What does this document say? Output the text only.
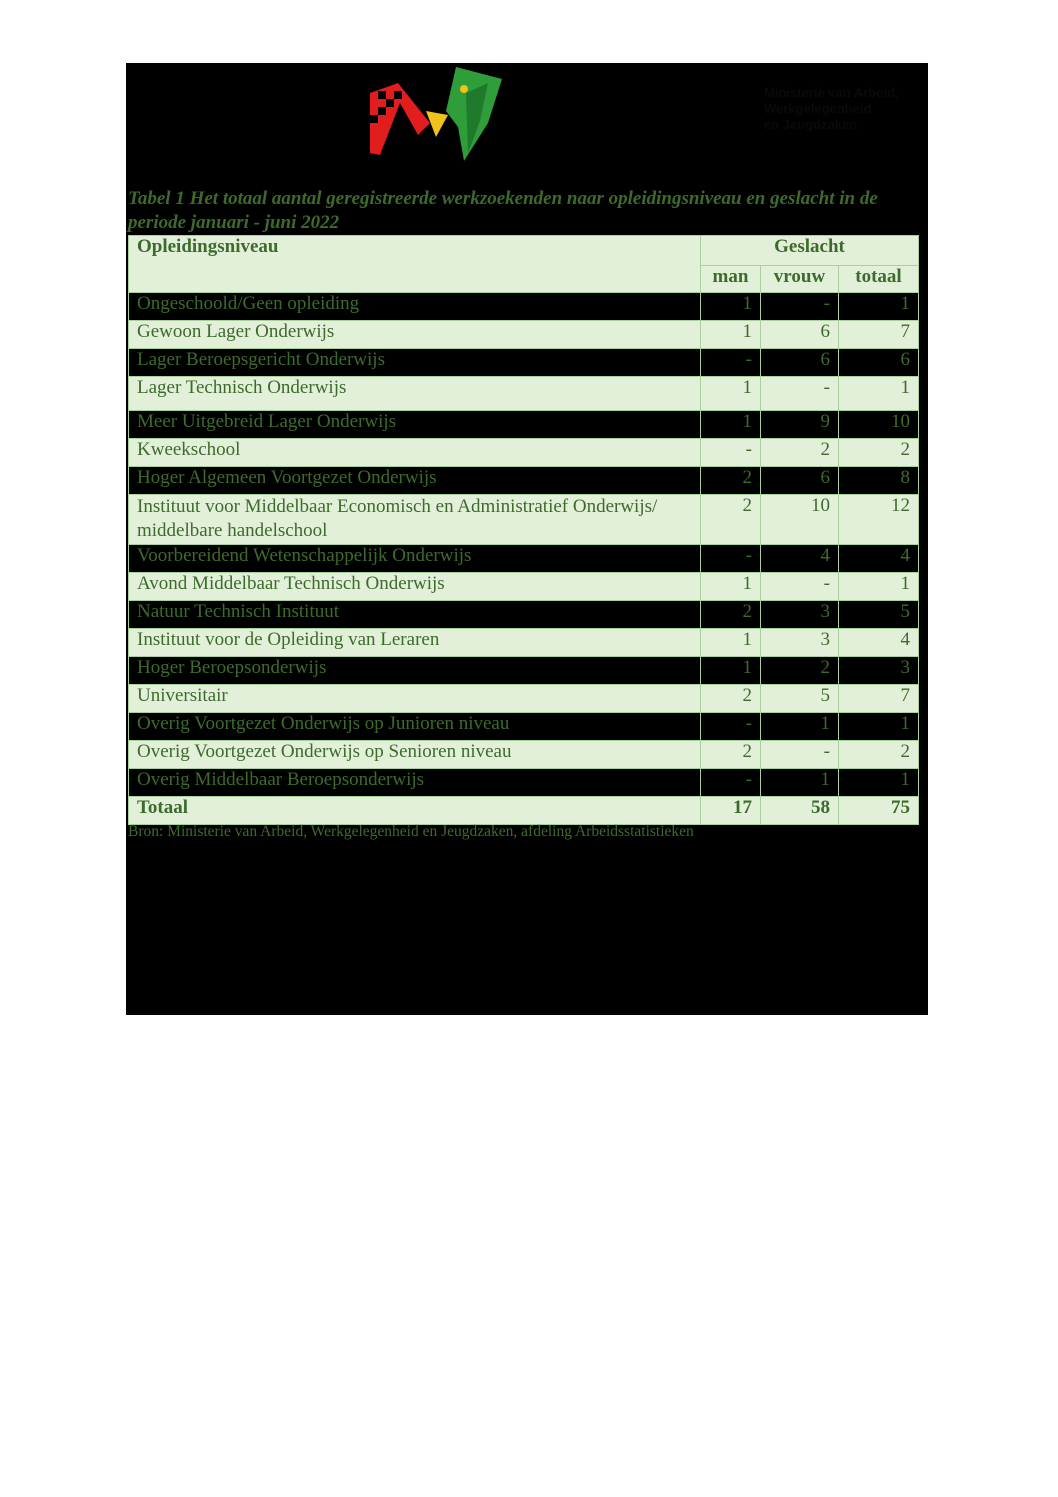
Ministerie van Arbeid,
Werkgelegenheid
en Jeugdzaken

Tabel 1 Het totaal aantal geregistreerde werkzoekenden naar opleidingsniveau en geslacht in de periode januari - juni 2022

Opleidingsniveau	Geslacht		
	man	vrouw	totaal
Ongeschoold/Geen opleiding	1	-	1
Gewoon Lager Onderwijs	1	6	7
Lager Beroepsgericht Onderwijs	-	6	6
Lager Technisch Onderwijs	1	-	1
Meer Uitgebreid Lager Onderwijs	1	9	10
Kweekschool	-	2	2
Hoger Algemeen Voortgezet Onderwijs	2	6	8
Instituut voor Middelbaar Economisch en Administratief Onderwijs/ middelbare handelschool	2	10	12
Voorbereidend Wetenschappelijk Onderwijs	-	4	4
Avond Middelbaar Technisch Onderwijs	1	-	1
Natuur Technisch Instituut	2	3	5
Instituut voor de Opleiding van Leraren	1	3	4
Hoger Beroepsonderwijs	1	2	3
Universitair	2	5	7
Overig Voortgezet Onderwijs op Junioren niveau	-	1	1
Overig Voortgezet Onderwijs op Senioren niveau	2	-	2
Overig Middelbaar Beroepsonderwijs	-	1	1
Totaal	17	58	75

Bron: Ministerie van Arbeid, Werkgelegenheid en Jeugdzaken, afdeling Arbeidsstatistieken
